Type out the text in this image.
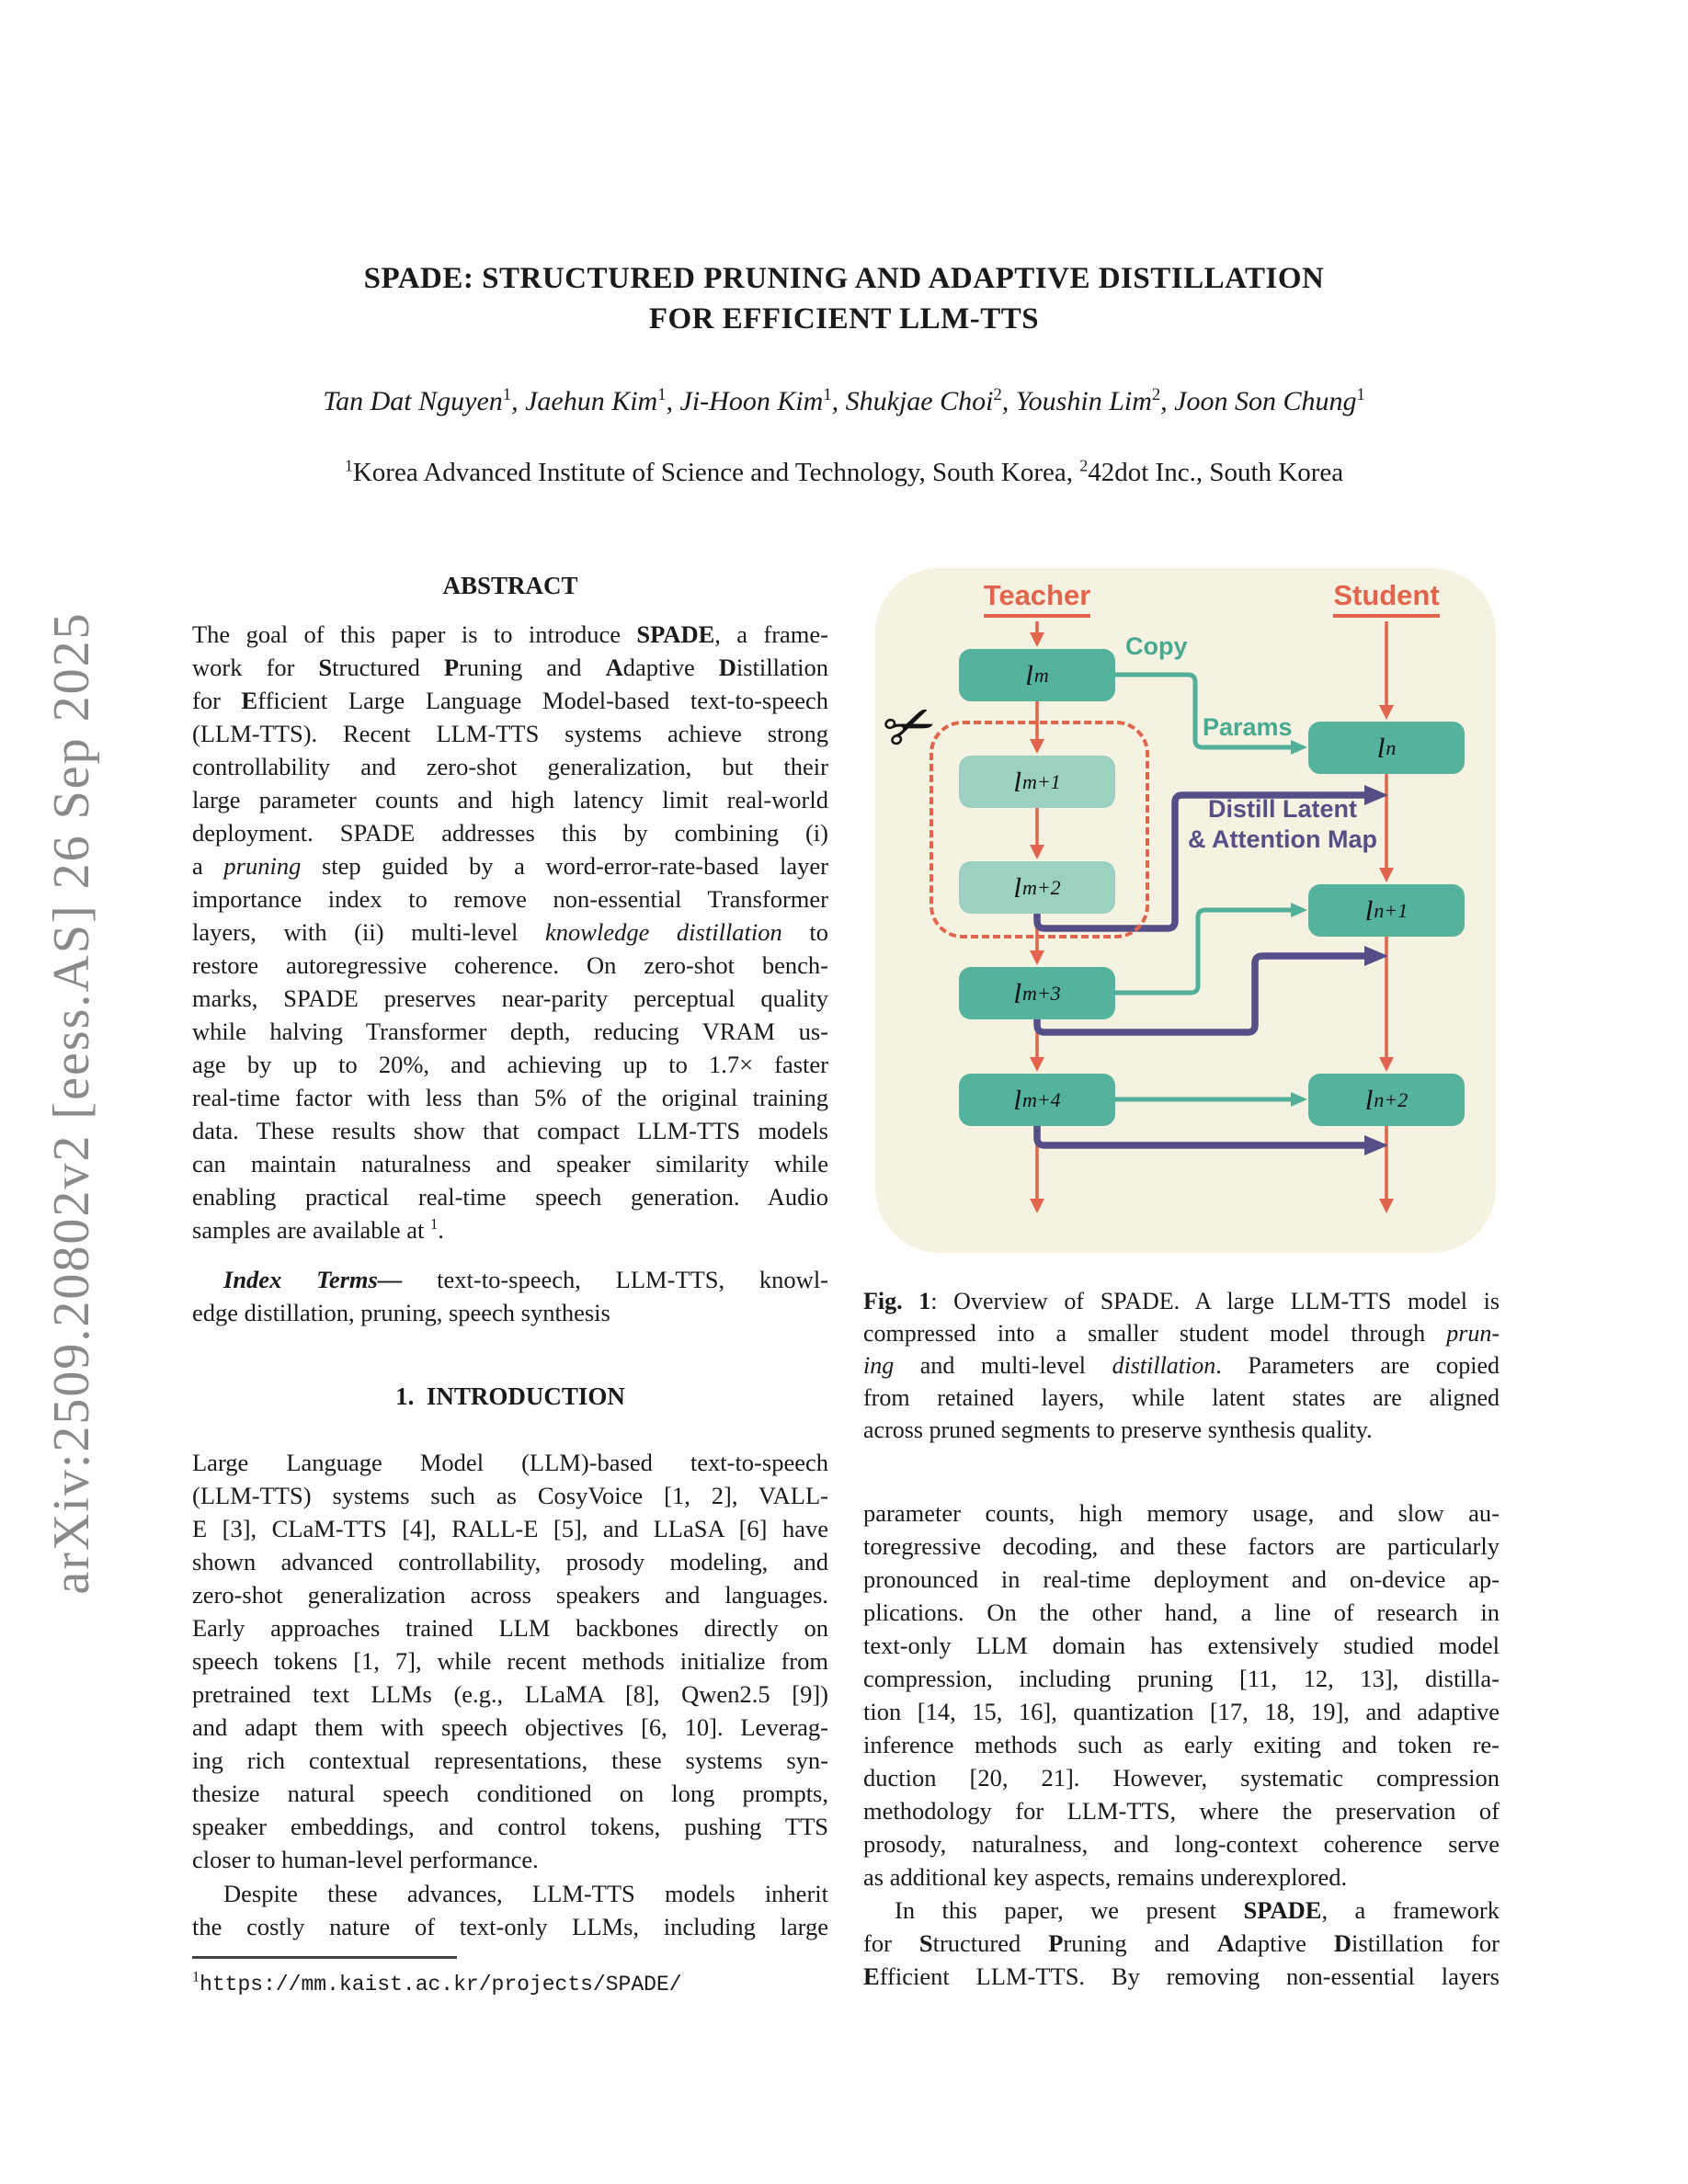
arXiv:2509.20802v2 [eess.AS] 26 Sep 2025
SPADE: STRUCTURED PRUNING AND ADAPTIVE DISTILLATION
FOR EFFICIENT LLM-TTS
Tan Dat Nguyen$^1$, Jaehun Kim$^1$, Ji-Hoon Kim$^1$, Shukjae Choi$^2$, Youshin Lim$^2$, Joon Son Chung$^1$
$^1$Korea Advanced Institute of Science and Technology, South Korea, $^2$42dot Inc., South Korea
ABSTRACT
The goal of this paper is to introduce SPADE, a frame-
work for Structured Pruning and Adaptive Distillation
for Efficient Large Language Model-based text-to-speech
(LLM-TTS). Recent LLM-TTS systems achieve strong
controllability and zero-shot generalization, but their
large parameter counts and high latency limit real-world
deployment. SPADE addresses this by combining (i)
a pruning step guided by a word-error-rate-based layer
importance index to remove non-essential Transformer
layers, with (ii) multi-level knowledge distillation to
restore autoregressive coherence. On zero-shot bench-
marks, SPADE preserves near-parity perceptual quality
while halving Transformer depth, reducing VRAM us-
age by up to 20%, and achieving up to 1.7× faster
real-time factor with less than 5% of the original training
data. These results show that compact LLM-TTS models
can maintain naturalness and speaker similarity while
enabling practical real-time speech generation. Audio
samples are available at $^1$.
Index Terms— text-to-speech, LLM-TTS, knowl-
edge distillation, pruning, speech synthesis
1.  INTRODUCTION
Large Language Model (LLM)-based text-to-speech
(LLM-TTS) systems such as CosyVoice [1, 2], VALL-
E [3], CLaM-TTS [4], RALL-E [5], and LLaSA [6] have
shown advanced controllability, prosody modeling, and
zero-shot generalization across speakers and languages.
Early approaches trained LLM backbones directly on
speech tokens [1, 7], while recent methods initialize from
pretrained text LLMs (e.g., LLaMA [8], Qwen2.5 [9])
and adapt them with speech objectives [6, 10]. Leverag-
ing rich contextual representations, these systems syn-
thesize natural speech conditioned on long prompts,
speaker embeddings, and control tokens, pushing TTS
closer to human-level performance.
Despite these advances, LLM-TTS models inherit
the costly nature of text-only LLMs, including large
$^1$https://mm.kaist.ac.kr/projects/SPADE/
Teacher	Student
✂
l m
l m+1
l m+2
l m+3
l m+4
l n
l n+1
l n+2
Copy
Params
Distill Latent
& Attention Map
Fig. 1: Overview of SPADE. A large LLM-TTS model is
compressed into a smaller student model through prun-
ing and multi-level distillation. Parameters are copied
from retained layers, while latent states are aligned
across pruned segments to preserve synthesis quality.
parameter counts, high memory usage, and slow au-
toregressive decoding, and these factors are particularly
pronounced in real-time deployment and on-device ap-
plications. On the other hand, a line of research in
text-only LLM domain has extensively studied model
compression, including pruning [11, 12, 13], distilla-
tion [14, 15, 16], quantization [17, 18, 19], and adaptive
inference methods such as early exiting and token re-
duction [20, 21]. However, systematic compression
methodology for LLM-TTS, where the preservation of
prosody, naturalness, and long-context coherence serve
as additional key aspects, remains underexplored.
In this paper, we present SPADE, a framework
for Structured Pruning and Adaptive Distillation for
Efficient LLM-TTS. By removing non-essential layers
